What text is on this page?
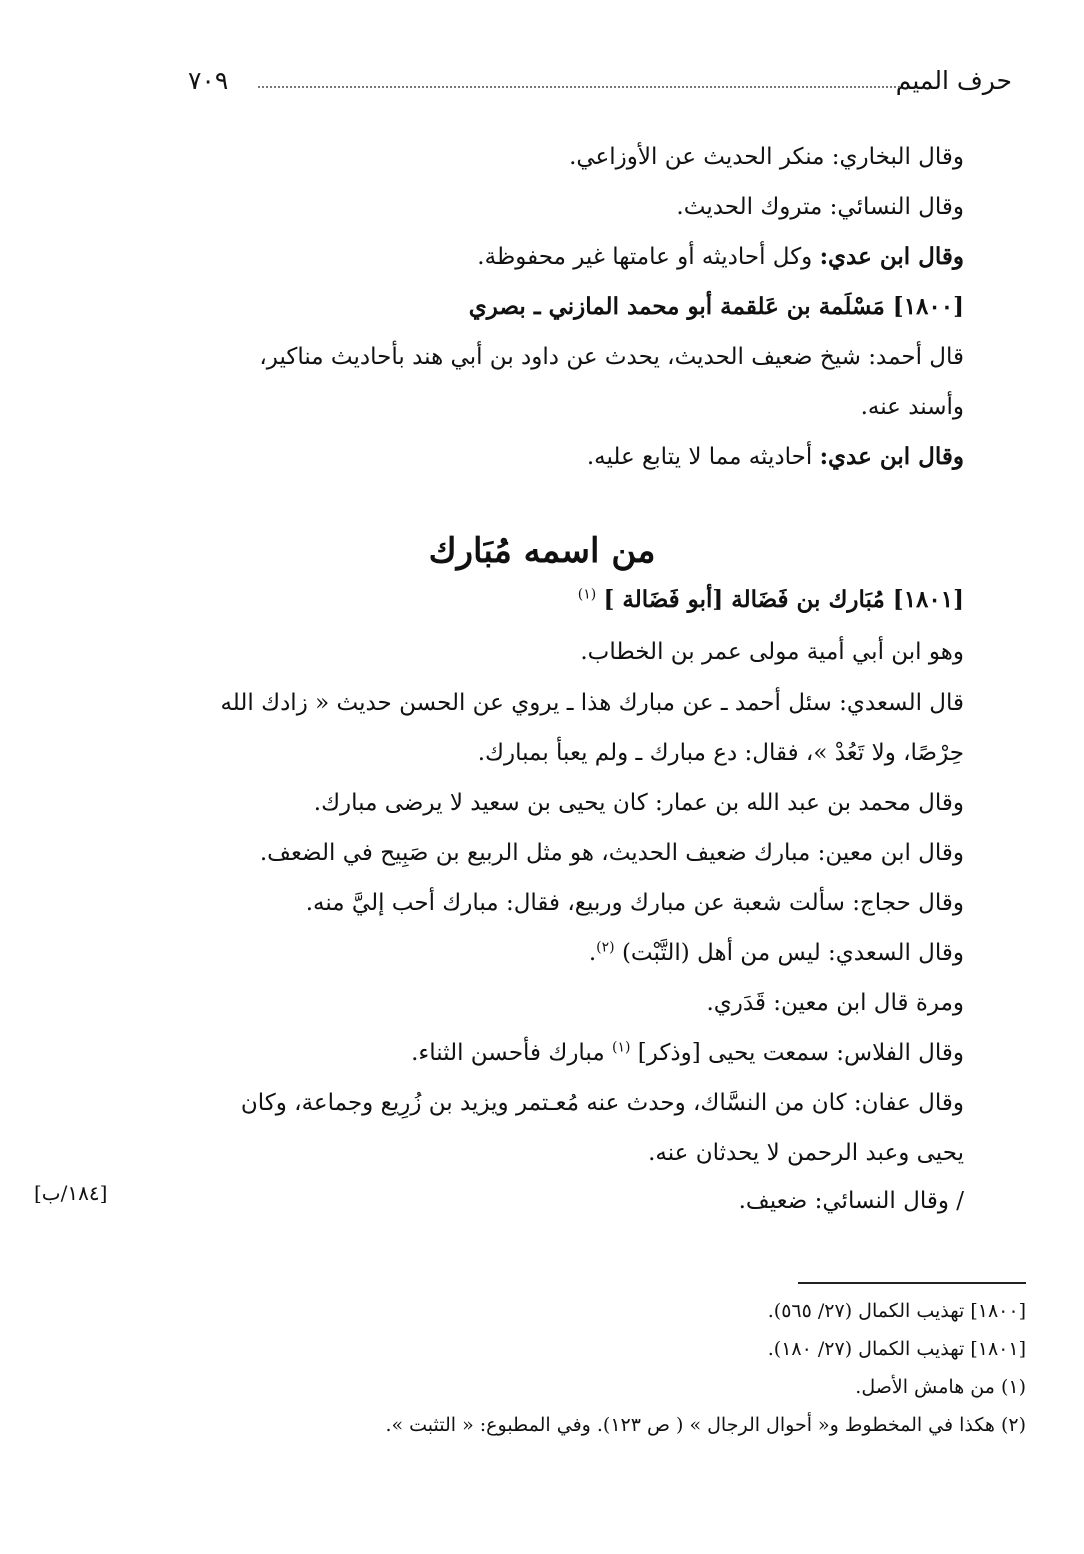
حرف الميم
٧٠٩
وقال البخاري: منكر الحديث عن الأوزاعي.
وقال النسائي: متروك الحديث.
وقال ابن عدي: وكل أحاديثه أو عامتها غير محفوظة.
[١٨٠٠] مَسْلَمة بن عَلقمة أبو محمد المازني ـ بصري
قال أحمد: شيخ ضعيف الحديث، يحدث عن داود بن أبي هند بأحاديث مناكير،
وأسند عنه.
وقال ابن عدي: أحاديثه مما لا يتابع عليه.
من اسمه مُبَارك
[١٨٠١] مُبَارك بن فَضَالة [أبو فَضَالة ] $^{(١)}$
وهو ابن أبي أمية مولى عمر بن الخطاب.
قال السعدي: سئل أحمد ـ عن مبارك هذا ـ يروي عن الحسن حديث « زادك الله
حِرْصًا، ولا تَعُدْ »، فقال: دع مبارك ـ ولم يعبأ بمبارك.
وقال محمد بن عبد الله بن عمار: كان يحيى بن سعيد لا يرضى مبارك.
وقال ابن معين: مبارك ضعيف الحديث، هو مثل الربيع بن صَبِيح في الضعف.
وقال حجاج: سألت شعبة عن مبارك وربيع، فقال: مبارك أحب إليَّ منه.
وقال السعدي: ليس من أهل (التَّبْت) $^{(٢)}$.
ومرة قال ابن معين: قَدَري.
وقال الفلاس: سمعت يحيى [وذكر] $^{(١)}$ مبارك فأحسن الثناء.
وقال عفان: كان من النسَّاك، وحدث عنه مُعـتمر ويزيد بن زُرِيع وجماعة، وكان
يحيى وعبد الرحمن لا يحدثان عنه.
/ وقال النسائي: ضعيف.
[١٨٤/ب]
[١٨٠٠] تهذيب الكمال (٢٧/ ٥٦٥).
[١٨٠١] تهذيب الكمال (٢٧/ ١٨٠).
(١) من هامش الأصل.
(٢) هكذا في المخطوط و« أحوال الرجال » ( ص ١٢٣). وفي المطبوع: « التثبت ».
